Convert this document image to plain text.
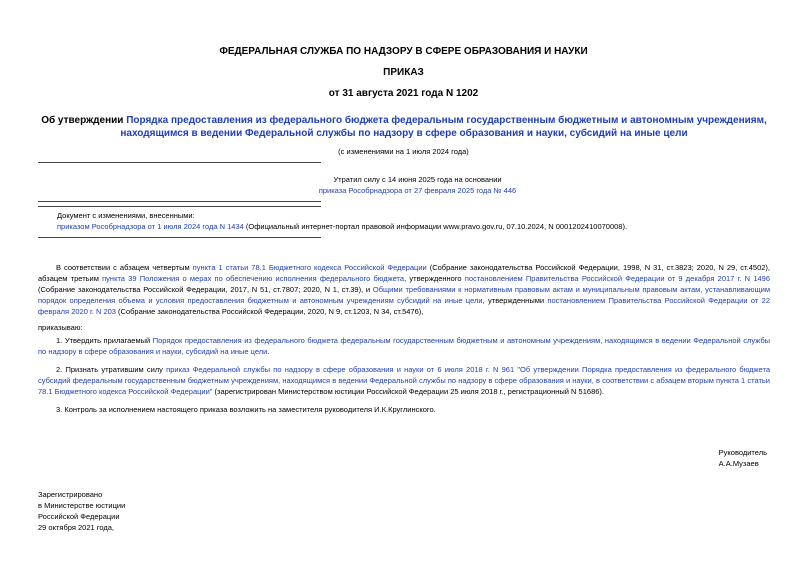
ФЕДЕРАЛЬНАЯ СЛУЖБА ПО НАДЗОРУ В СФЕРЕ ОБРАЗОВАНИЯ И НАУКИ
ПРИКАЗ
от 31 августа 2021 года N 1202
Об утверждении Порядка предоставления из федерального бюджета федеральным государственным бюджетным и автономным учреждениям, находящимся в ведении Федеральной службы по надзору в сфере образования и науки, субсидий на иные цели
(с изменениями на 1 июля 2024 года)
Утратил силу с 14 июня 2025 года на основании
приказа Рособрнадзора от 27 февраля 2025 года № 446
Документ с изменениями, внесенными:
приказом Рособрнадзора от 1 июля 2024 года N 1434 (Официальный интернет-портал правовой информации www.pravo.gov.ru, 07.10.2024, N 0001202410070008).
В соответствии с абзацем четвертым пункта 1 статьи 78.1 Бюджетного кодекса Российской Федерации (Собрание законодательства Российской Федерации, 1998, N 31, ст.3823; 2020, N 29, ст.4502), абзацем третьим пункта 39 Положения о мерах по обеспечению исполнения федерального бюджета, утвержденного постановлением Правительства Российской Федерации от 9 декабря 2017 г. N 1496 (Собрание законодательства Российской Федерации, 2017, N 51, ст.7807; 2020, N 1, ст.39), и Общими требованиями к нормативным правовым актам и муниципальным правовым актам, устанавливающим порядок определения объема и условия предоставления бюджетным и автономным учреждениям субсидий на иные цели, утвержденными постановлением Правительства Российской Федерации от 22 февраля 2020 г. N 203 (Собрание законодательства Российской Федерации, 2020, N 9, ст.1203, N 34, ст.5476),
приказываю:
1. Утвердить прилагаемый Порядок предоставления из федерального бюджета федеральным государственным бюджетным и автономным учреждениям, находящимся в ведении Федеральной службы по надзору в сфере образования и науки, субсидий на иные цели.
2. Признать утратившим силу приказ Федеральной службы по надзору в сфере образования и науки от 6 июля 2018 г. N 961 "Об утверждении Порядка предоставления из федерального бюджета субсидий федеральным государственным бюджетным учреждениям, находящимся в ведении Федеральной службы по надзору в сфере образования и науки, в соответствии с абзацем вторым пункта 1 статьи 78.1 Бюджетного кодекса Российской Федерации" (зарегистрирован Министерством юстиции Российской Федерации 25 июля 2018 г., регистрационный N 51686).
3. Контроль за исполнением настоящего приказа возложить на заместителя руководителя И.К.Круглинского.
Руководитель
А.А.Музаев
Зарегистрировано
в Министерстве юстиции
Российской Федерации
29 октября 2021 года,
